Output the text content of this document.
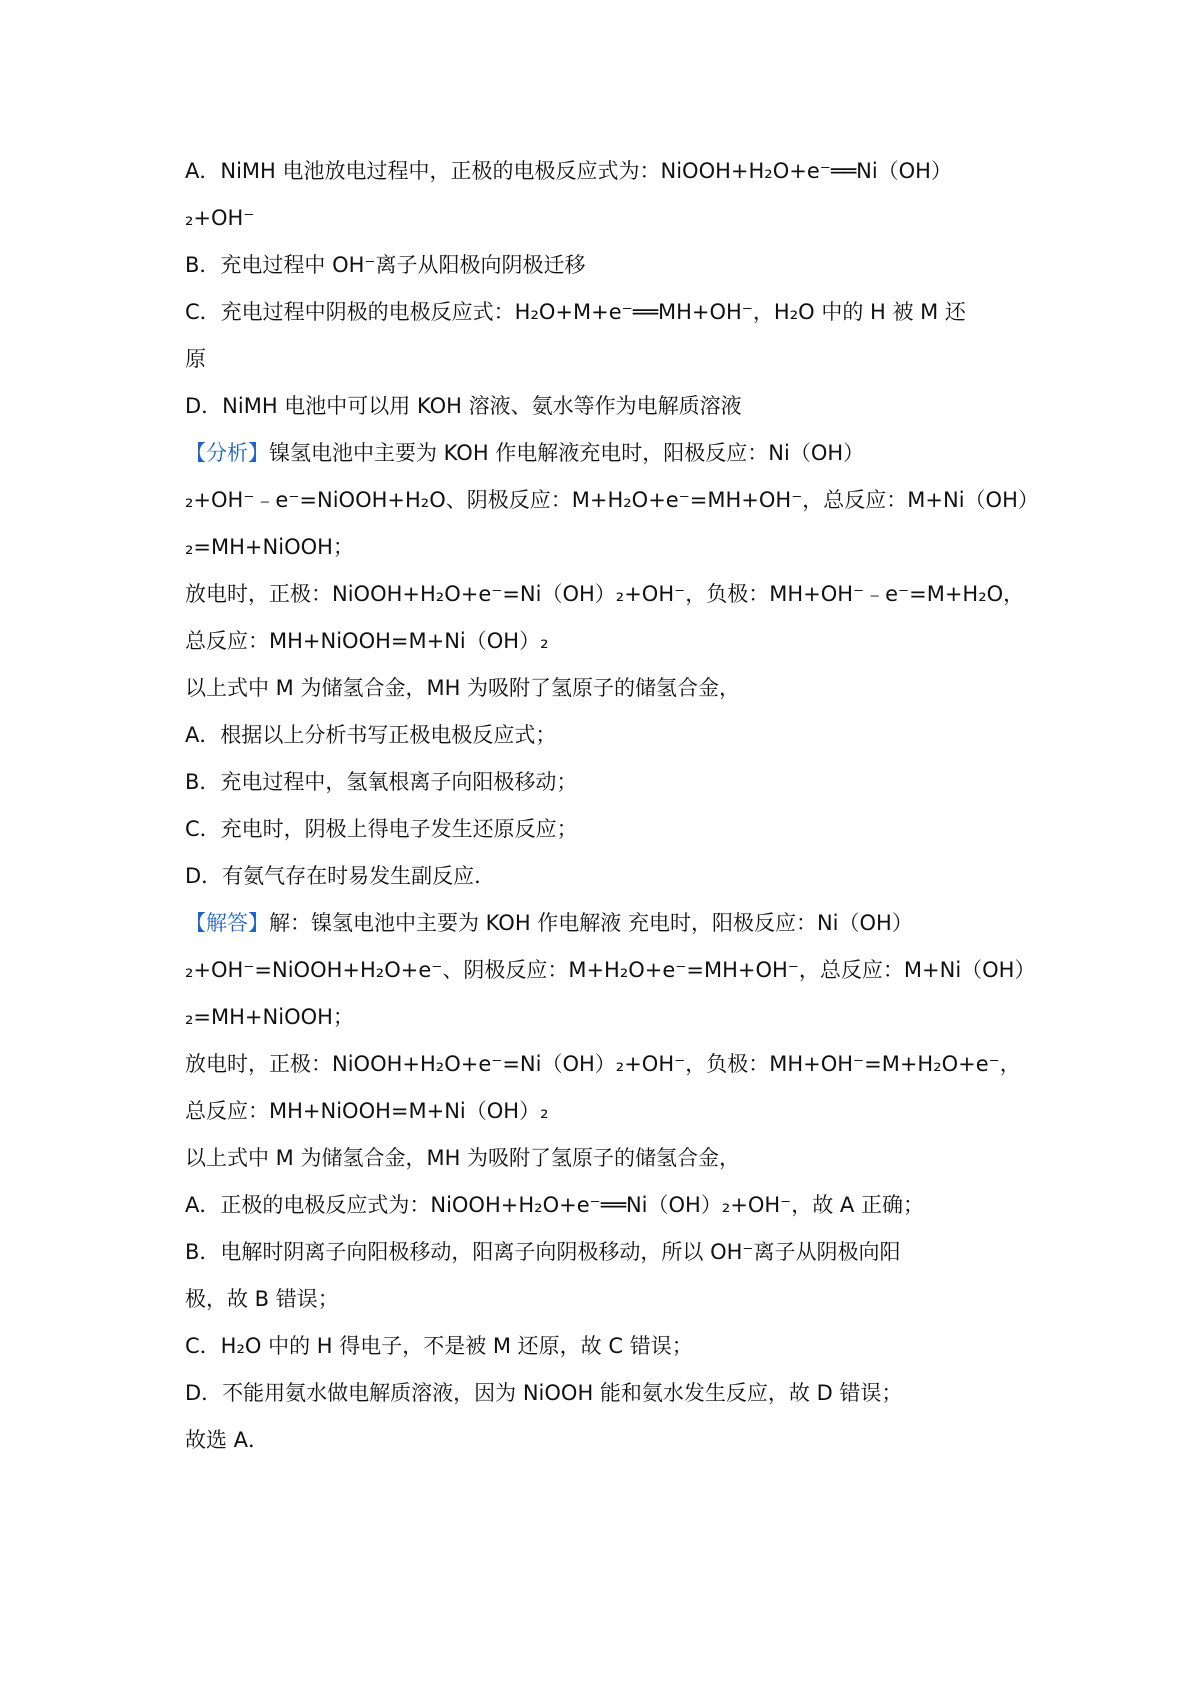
A．NiMH 电池放电过程中，正极的电极反应式为：NiOOH+H₂O+e⁻══Ni（OH）
₂+OH⁻
B．充电过程中 OH⁻离子从阳极向阴极迁移
C．充电过程中阴极的电极反应式：H₂O+M+e⁻══MH+OH⁻，H₂O 中的 H 被 M 还
原
D．NiMH 电池中可以用 KOH 溶液、氨水等作为电解质溶液
【分析】镍氢电池中主要为 KOH 作电解液充电时，阳极反应：Ni（OH）
₂+OH⁻﹣e⁻=NiOOH+H₂O、阴极反应：M+H₂O+e⁻=MH+OH⁻，总反应：M+Ni（OH）
₂=MH+NiOOH；
放电时，正极：NiOOH+H₂O+e⁻=Ni（OH）₂+OH⁻，负极：MH+OH⁻﹣e⁻=M+H₂O，
总反应：MH+NiOOH=M+Ni（OH）₂
以上式中 M 为储氢合金，MH 为吸附了氢原子的储氢合金，
A．根据以上分析书写正极电极反应式；
B．充电过程中，氢氧根离子向阳极移动；
C．充电时，阴极上得电子发生还原反应；
D．有氨气存在时易发生副反应．
【解答】解：镍氢电池中主要为 KOH 作电解液 充电时，阳极反应：Ni（OH）
₂+OH⁻=NiOOH+H₂O+e⁻、阴极反应：M+H₂O+e⁻=MH+OH⁻，总反应：M+Ni（OH）
₂=MH+NiOOH；
放电时，正极：NiOOH+H₂O+e⁻=Ni（OH）₂+OH⁻，负极：MH+OH⁻=M+H₂O+e⁻，
总反应：MH+NiOOH=M+Ni（OH）₂
以上式中 M 为储氢合金，MH 为吸附了氢原子的储氢合金，
A．正极的电极反应式为：NiOOH+H₂O+e⁻══Ni（OH）₂+OH⁻，故 A 正确；
B．电解时阴离子向阳极移动，阳离子向阴极移动，所以 OH⁻离子从阴极向阳
极，故 B 错误；
C．H₂O 中的 H 得电子，不是被 M 还原，故 C 错误；
D．不能用氨水做电解质溶液，因为 NiOOH 能和氨水发生反应，故 D 错误；
故选 A．
